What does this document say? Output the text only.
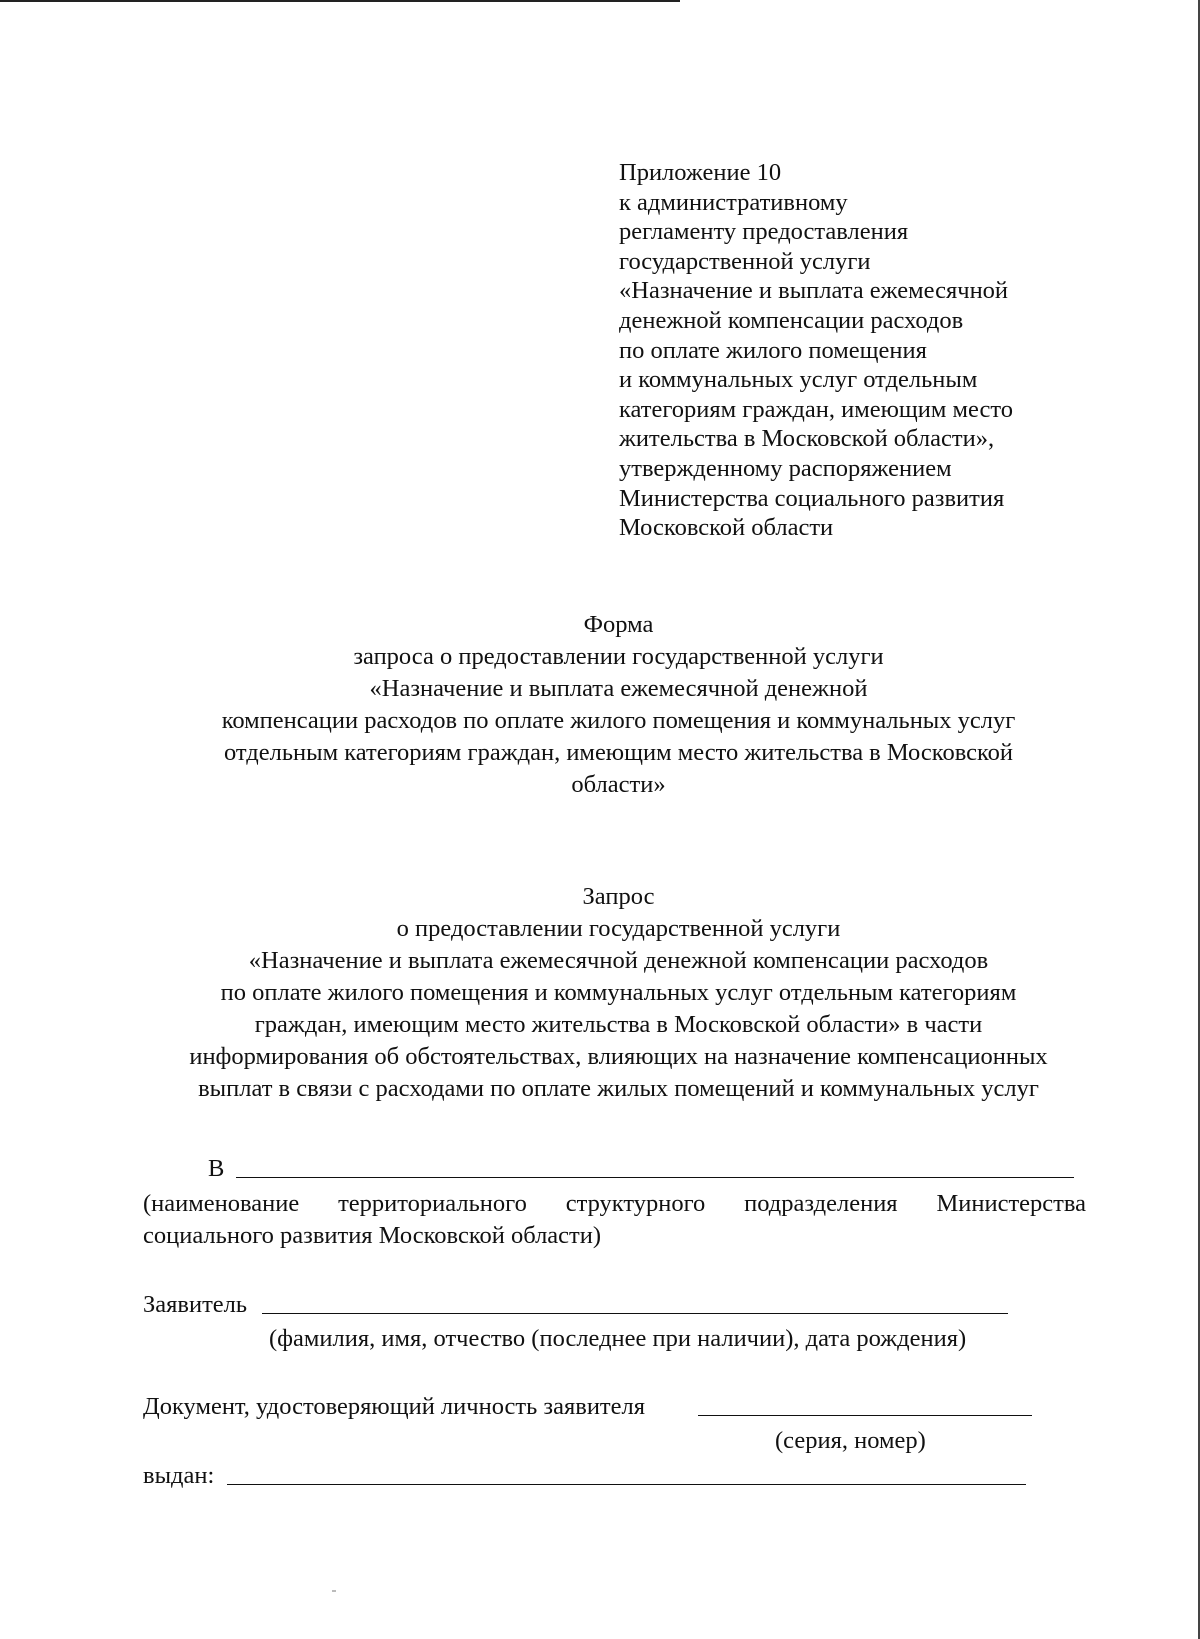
Приложение 10
к административному
регламенту предоставления
государственной услуги
«Назначение и выплата ежемесячной
денежной компенсации расходов
по оплате жилого помещения
и коммунальных услуг отдельным
категориям граждан, имеющим место
жительства в Московской области»,
утвержденному распоряжением
Министерства социального развития
Московской области
Форма
запроса о предоставлении государственной услуги
«Назначение и выплата ежемесячной денежной
компенсации расходов по оплате жилого помещения и коммунальных услуг
отдельным категориям граждан, имеющим место жительства в Московской
области»
Запрос
о предоставлении государственной услуги
«Назначение и выплата ежемесячной денежной компенсации расходов
по оплате жилого помещения и коммунальных услуг отдельным категориям
граждан, имеющим место жительства в Московской области» в части
информирования об обстоятельствах, влияющих на назначение компенсационных
выплат в связи с расходами по оплате жилых помещений и коммунальных услуг
В
(наименование территориального структурного подразделения Министерства
социального развития Московской области)
Заявитель
(фамилия, имя, отчество (последнее при наличии), дата рождения)
Документ, удостоверяющий личность заявителя
(серия, номер)
выдан:
